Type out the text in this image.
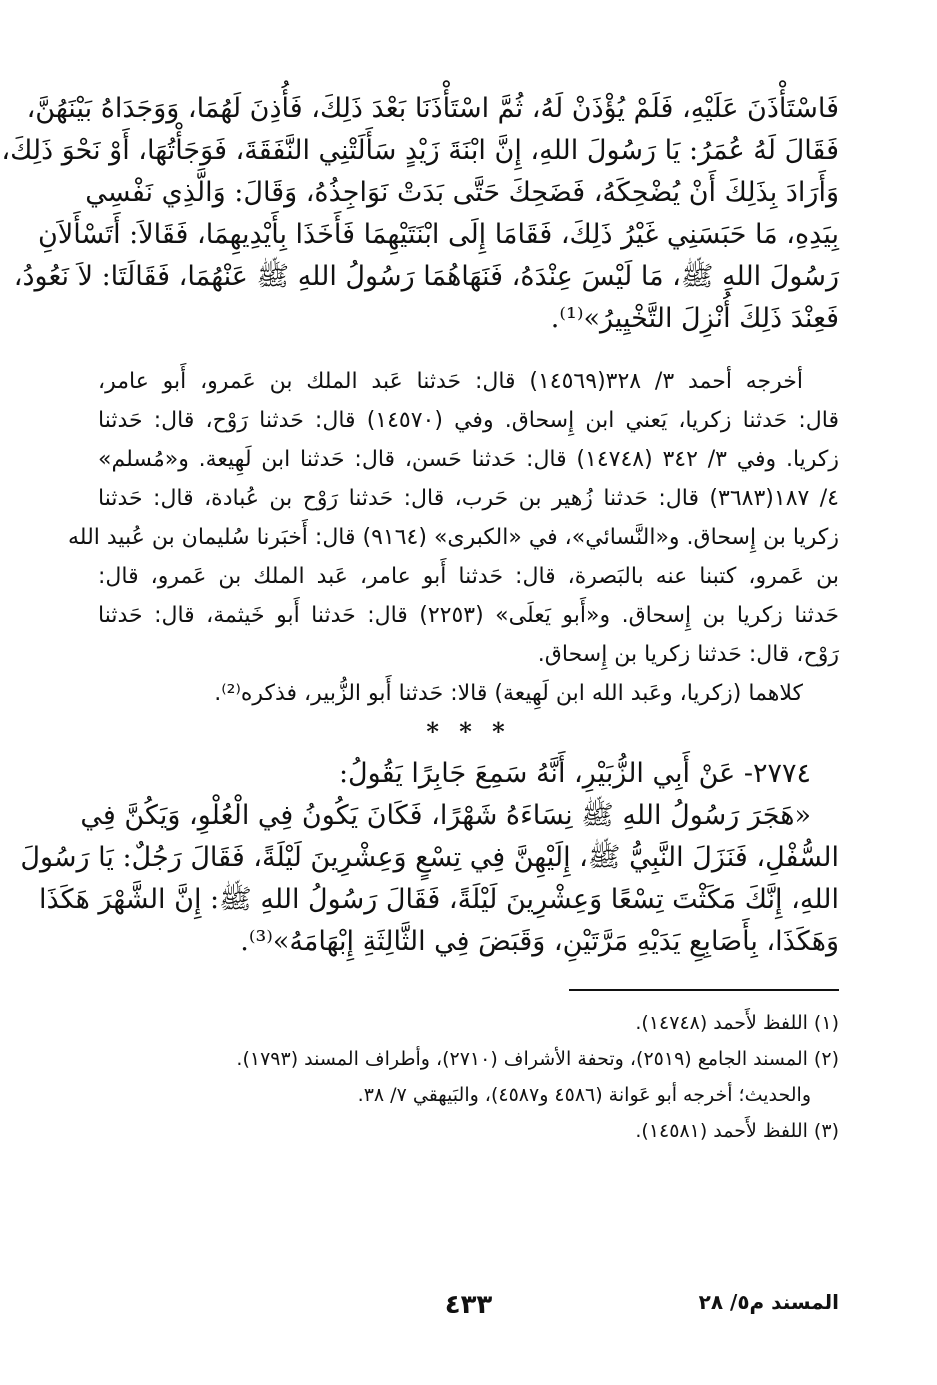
فَاسْتَأْذَنَ عَلَيْهِ، فَلَمْ يُؤْذَنْ لَهُ، ثُمَّ اسْتَأْذَنَا بَعْدَ ذَلِكَ، فَأُذِنَ لَهُمَا، وَوَجَدَاهُ بَيْنَهُنَّ،
فَقَالَ لَهُ عُمَرُ: يَا رَسُولَ اللهِ، إِنَّ ابْنَةَ زَيْدٍ سَأَلَتْنِي النَّفَقَةَ، فَوَجَأْتُهَا، أَوْ نَحْوَ ذَلِكَ،
وَأَرَادَ بِذَلِكَ أَنْ يُضْحِكَهُ، فَضَحِكَ حَتَّى بَدَتْ نَوَاجِذُهُ، وَقَالَ: وَالَّذِي نَفْسِي
بِيَدِهِ، مَا حَبَسَنِي غَيْرُ ذَلِكَ، فَقَامَا إِلَى ابْنَتَيْهِمَا فَأَخَذَا بِأَيْدِيهِمَا، فَقَالاَ: أَتَسْأَلاَنِ
رَسُولَ اللهِ ﷺ، مَا لَيْسَ عِنْدَهُ، فَنَهَاهُمَا رَسُولُ اللهِ ﷺ عَنْهُمَا، فَقَالَتَا: لاَ نَعُودُ،
فَعِنْدَ ذَلِكَ أُنْزِلَ التَّخْيِيرُ»⁽¹⁾.
أخرجه أحمد ٣/ ٣٢٨(١٤٥٦٩) قال: حَدثنا عَبد الملك بن عَمرو، أَبو عامر،
قال: حَدثنا زكريا، يَعني ابن إِسحاق. وفي (١٤٥٧٠) قال: حَدثنا رَوْح، قال: حَدثنا
زكريا. وفي ٣/ ٣٤٢ (١٤٧٤٨) قال: حَدثنا حَسن، قال: حَدثنا ابن لَهِيعة. و«مُسلم»
٤/ ١٨٧(٣٦٨٣) قال: حَدثنا زُهير بن حَرب، قال: حَدثنا رَوْح بن عُبادة، قال: حَدثنا
زكريا بن إِسحاق. و«النَّسائي»، في «الكبرى» (٩١٦٤) قال: أَخبَرنا سُليمان بن عُبيد الله
بن عَمرو، كتبنا عنه بالبَصرة، قال: حَدثنا أَبو عامر، عَبد الملك بن عَمرو، قال:
حَدثنا زكريا بن إِسحاق. و«أَبو يَعلَى» (٢٢٥٣) قال: حَدثنا أَبو خَيثمة، قال: حَدثنا
رَوْح، قال: حَدثنا زكريا بن إِسحاق.
كلاهما (زكريا، وعَبد الله ابن لَهِيعة) قالا: حَدثنا أَبو الزُّبير، فذكره⁽²⁾.
* * *
٢٧٧٤- عَنْ أَبِي الزُّبَيْرِ، أَنَّهُ سَمِعَ جَابِرًا يَقُولُ:
«هَجَرَ رَسُولُ اللهِ ﷺ نِسَاءَهُ شَهْرًا، فَكَانَ يَكُونُ فِي الْعُلْوِ، وَيَكُنَّ فِي
السُّفْلِ، فَنَزَلَ النَّبِيُّ ﷺ، إِلَيْهِنَّ فِي تِسْعٍ وَعِشْرِينَ لَيْلَةً، فَقَالَ رَجُلٌ: يَا رَسُولَ
اللهِ، إِنَّكَ مَكَثْتَ تِسْعًا وَعِشْرِينَ لَيْلَةً، فَقَالَ رَسُولُ اللهِ ﷺ: إِنَّ الشَّهْرَ هَكَذَا
وَهَكَذَا، بِأَصَابِعِ يَدَيْهِ مَرَّتَيْنِ، وَقَبَضَ فِي الثَّالِثَةِ إِبْهَامَهُ»⁽³⁾.
(١) اللفظ لأَحمد (١٤٧٤٨).
(٢) المسند الجامع (٢٥١٩)، وتحفة الأشراف (٢٧١٠)، وأطراف المسند (١٧٩٣).
والحديث؛ أخرجه أبو عَوانة (٤٥٨٦ و٤٥٨٧)، والبَيهقي ٧/ ٣٨.
(٣) اللفظ لأَحمد (١٤٥٨١).
المسند م٥/ ٢٨
٤٣٣
